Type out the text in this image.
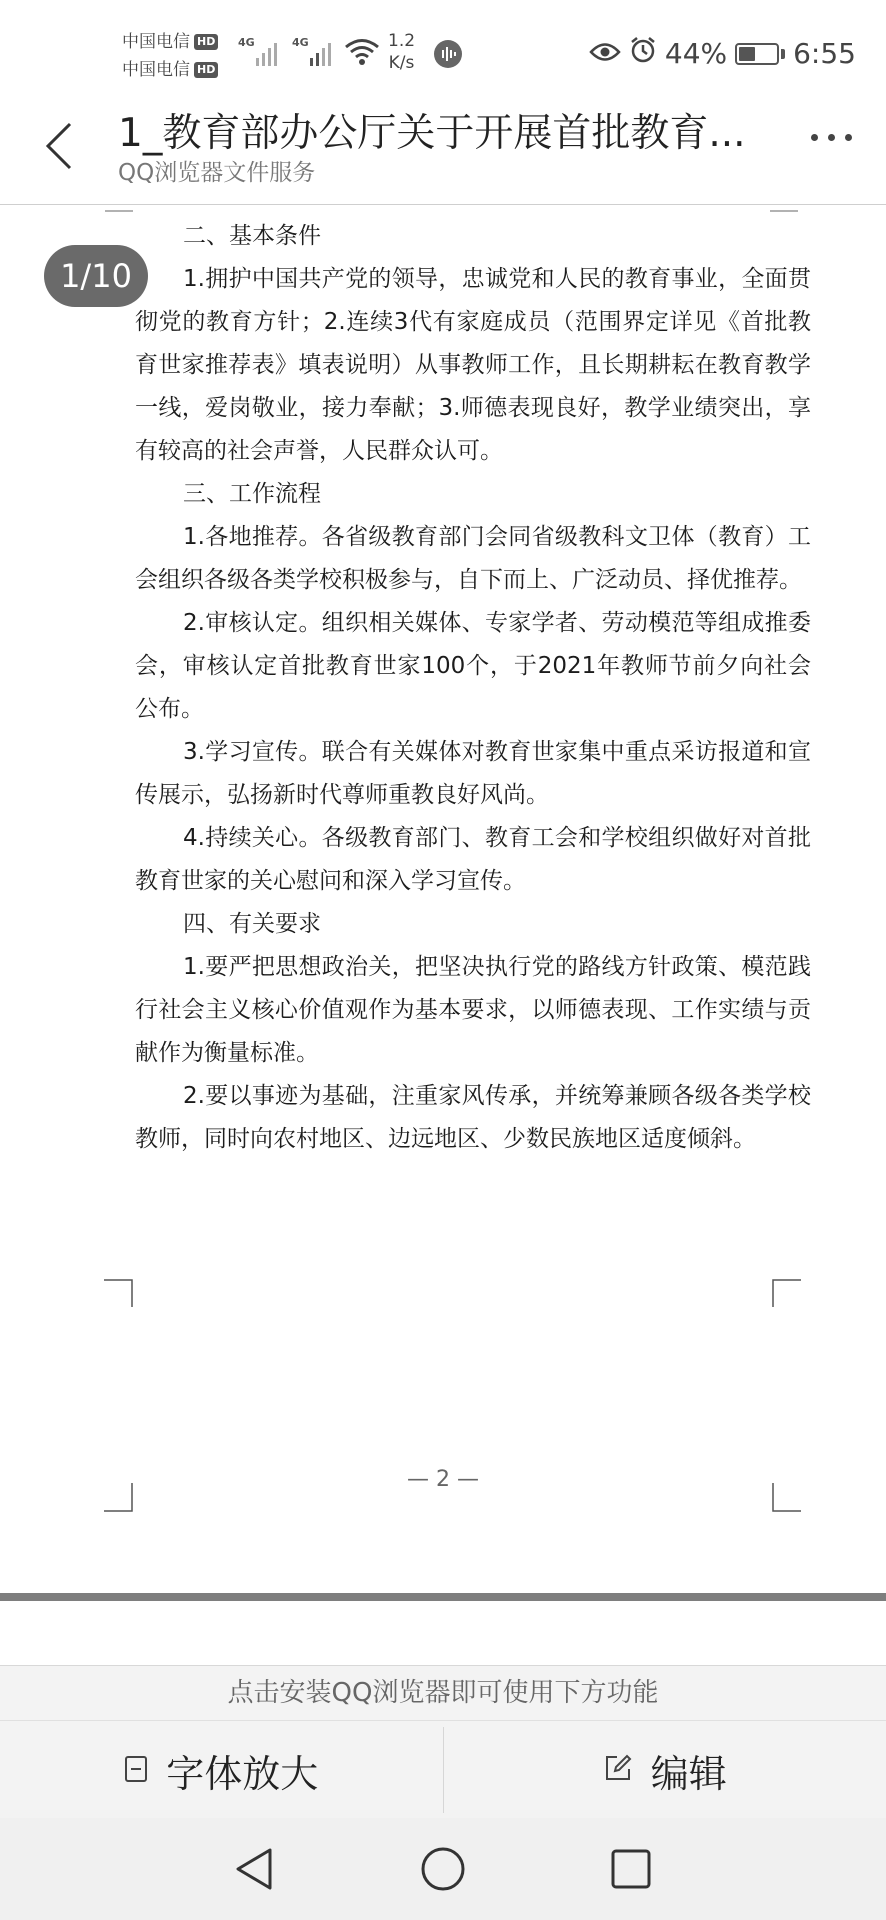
中国电信 HD
中国电信 HD
4G	4G	1.2
K/s	44% 6:55
1_教育部办公厅关于开展首批教育...
QQ浏览器文件服务

二、基本条件

1.拥护中国共产党的领导，忠诚党和人民的教育事业，全面贯彻党的教育方针；2.连续3代有家庭成员（范围界定详见《首批教育世家推荐表》填表说明）从事教师工作，且长期耕耘在教育教学一线，爱岗敬业，接力奉献；3.师德表现良好，教学业绩突出，享有较高的社会声誉，人民群众认可。

三、工作流程

1.各地推荐。各省级教育部门会同省级教科文卫体（教育）工会组织各级各类学校积极参与，自下而上、广泛动员、择优推荐。

2.审核认定。组织相关媒体、专家学者、劳动模范等组成推委会，审核认定首批教育世家100个，于2021年教师节前夕向社会公布。

3.学习宣传。联合有关媒体对教育世家集中重点采访报道和宣传展示，弘扬新时代尊师重教良好风尚。

4.持续关心。各级教育部门、教育工会和学校组织做好对首批教育世家的关心慰问和深入学习宣传。

四、有关要求

1.要严把思想政治关，把坚决执行党的路线方针政策、模范践行社会主义核心价值观作为基本要求，以师德表现、工作实绩与贡献作为衡量标准。

2.要以事迹为基础，注重家风传承，并统筹兼顾各级各类学校教师，同时向农村地区、边远地区、少数民族地区适度倾斜。

— 2 —

1/10
点击安装QQ浏览器即可使用下方功能
字体放大	编辑
